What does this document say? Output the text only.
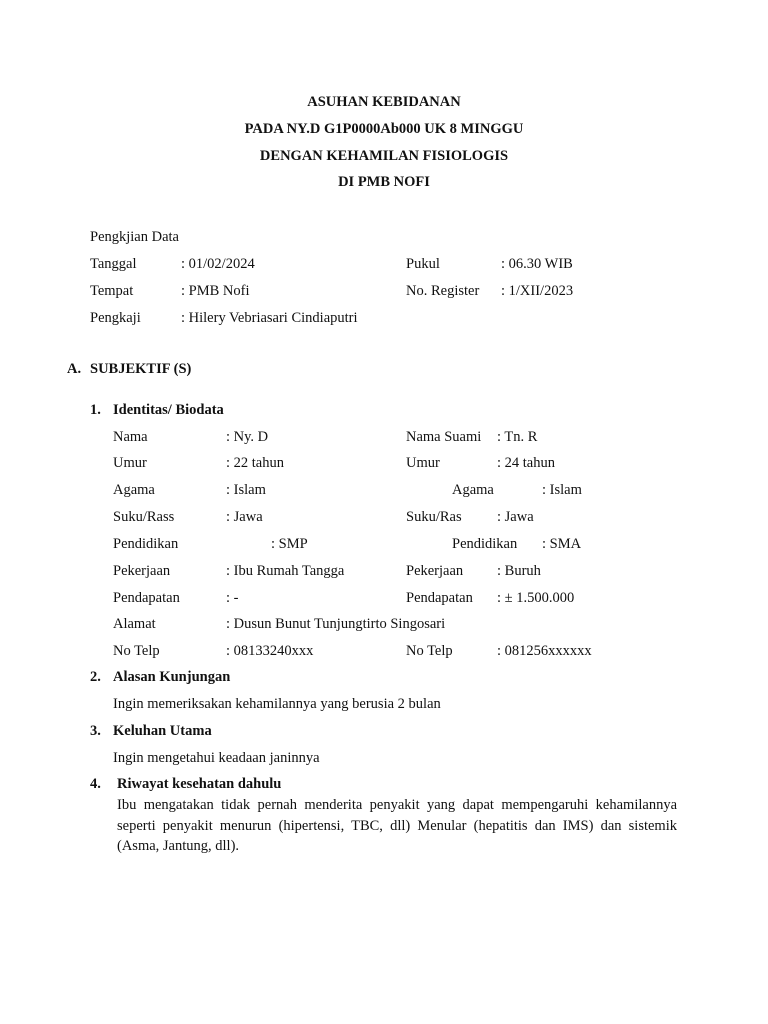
ASUHAN KEBIDANAN
PADA NY.D G1P0000Ab000 UK 8 MINGGU
DENGAN KEHAMILAN FISIOLOGIS
DI PMB NOFI
Pengkjian Data
Tanggal	: 01/02/2024	Pukul	: 06.30 WIB
Tempat	: PMB Nofi	No. Register : 1/XII/2023
Pengkaji	: Hilery Vebriasari Cindiaputri
A. SUBJEKTIF (S)
1. Identitas/ Biodata
Nama	: Ny. D	Nama Suami : Tn. R
Umur	: 22 tahun	Umur	: 24 tahun
Agama	: Islam	Agama	: Islam
Suku/Rass	: Jawa	Suku/Ras : Jawa
Pendidikan	: SMP	Pendidikan : SMA
Pekerjaan	: Ibu Rumah Tangga	Pekerjaan : Buruh
Pendapatan	: -	Pendapatan : ± 1.500.000
Alamat	: Dusun Bunut Tunjungtirto Singosari
No Telp	: 08133240xxx	No Telp	: 081256xxxxxx
2. Alasan Kunjungan
Ingin memeriksakan kehamilannya yang berusia 2 bulan
3. Keluhan Utama
Ingin mengetahui keadaan janinnya
4. Riwayat kesehatan dahulu
Ibu mengatakan tidak pernah menderita penyakit yang dapat mempengaruhi kehamilannya seperti penyakit menurun (hipertensi, TBC, dll) Menular (hepatitis dan IMS) dan sistemik (Asma, Jantung, dll).
